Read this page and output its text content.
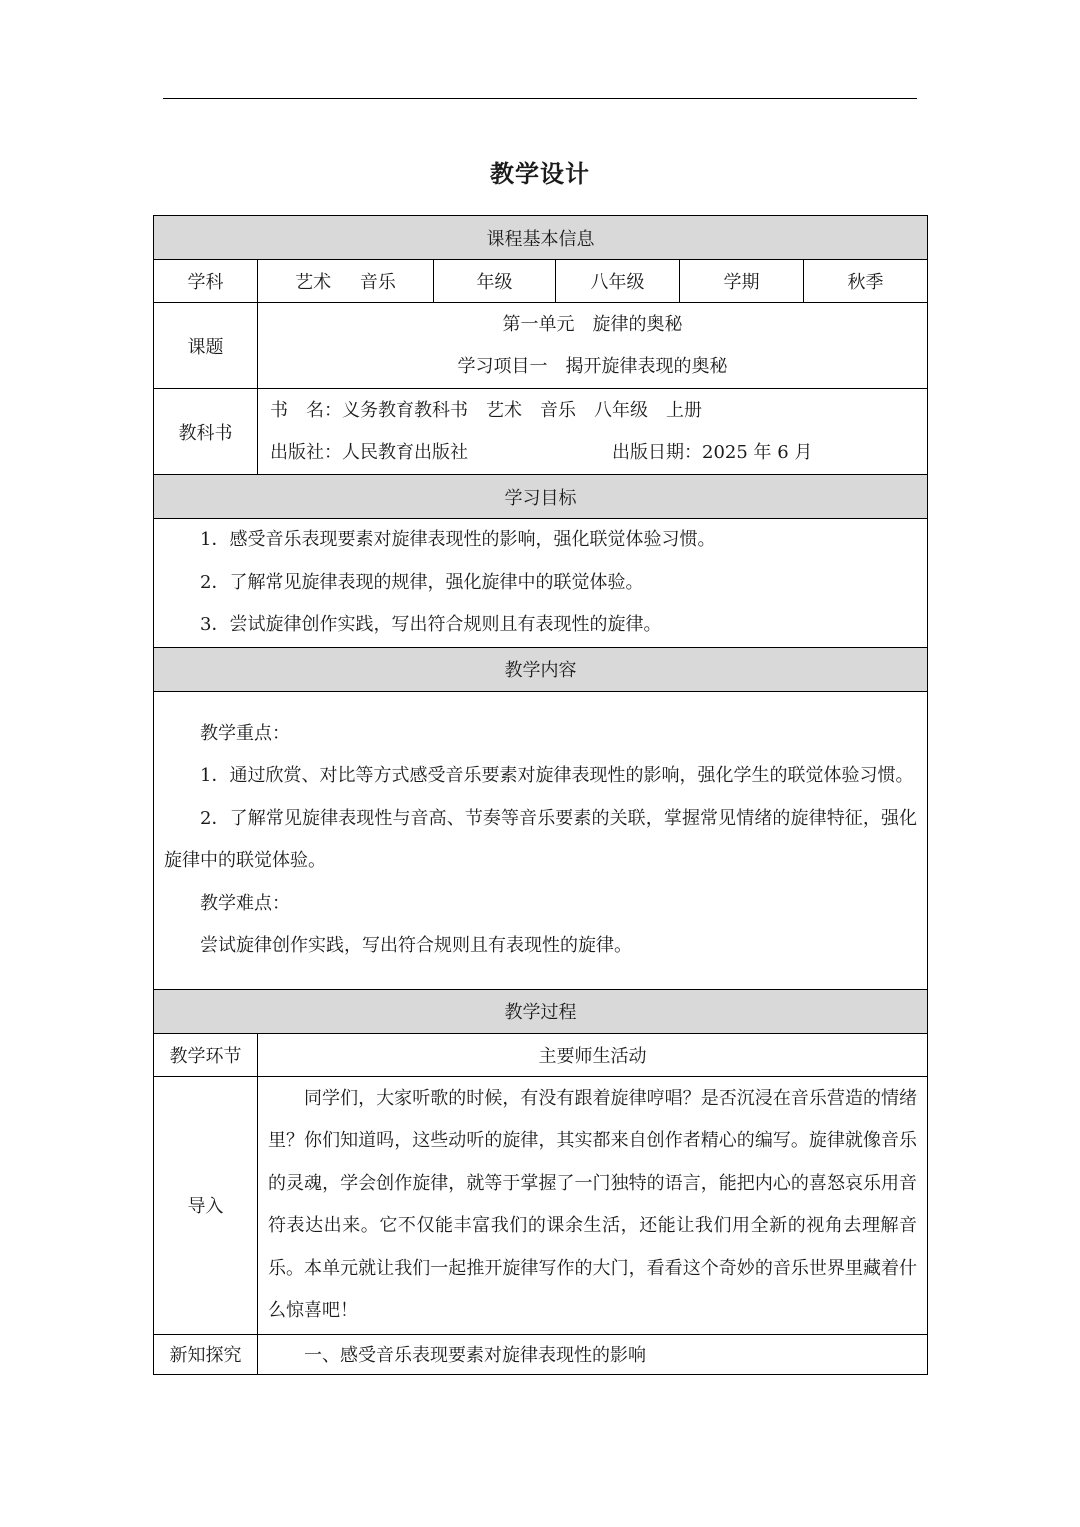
教学设计
课程基本信息					
学科	艺术 音乐	年级	八年级	学期	秋季
课题	第一单元　旋律的奥秘
学习项目一　揭开旋律表现的奥秘				

教科书	书　名：义务教育教科书　艺术　音乐　八年级　上册
出版社：人民教育出版社 出版日期：2025 年 6 月				

学习目标					

1．感受音乐表现要素对旋律表现性的影响，强化联觉体验习惯。

2．了解常见旋律表现的规律，强化旋律中的联觉体验。

3．尝试旋律创作实践，写出符合规则且有表现性的旋律。					

教学内容					

教学重点：

1．通过欣赏、对比等方式感受音乐要素对旋律表现性的影响，强化学生的联觉体验习惯。

2．了解常见旋律表现性与音高、节奏等音乐要素的关联，掌握常见情绪的旋律特征，强化旋律中的联觉体验。

教学难点：

尝试旋律创作实践，写出符合规则且有表现性的旋律。					

教学过程					
教学环节	主要师生活动				
导入	同学们，大家听歌的时候，有没有跟着旋律哼唱？是否沉浸在音乐营造的情绪里？你们知道吗，这些动听的旋律，其实都来自创作者精心的编写。旋律就像音乐的灵魂，学会创作旋律，就等于掌握了一门独特的语言，能把内心的喜怒哀乐用音符表达出来。它不仅能丰富我们的课余生活，还能让我们用全新的视角去理解音乐。本单元就让我们一起推开旋律写作的大门，看看这个奇妙的音乐世界里藏着什么惊喜吧！				

新知探究	一、感受音乐表现要素对旋律表现性的影响				
